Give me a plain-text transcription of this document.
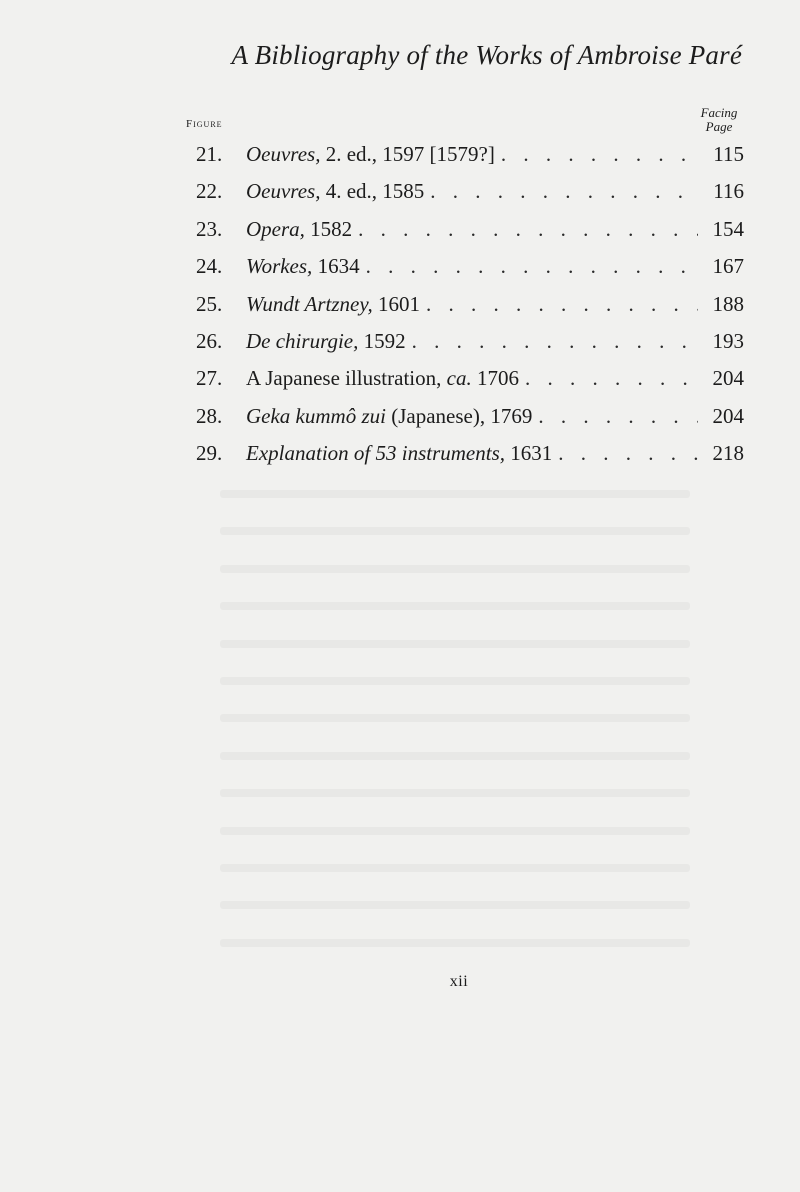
A Bibliography of the Works of Ambroise Paré
Figure
Facing
Page
21.	Oeuvres, 2. ed., 1597 [1579?] . . .	115
22.	Oeuvres, 4. ed., 1585 . . .	116
23.	Opera, 1582 . . .	154
24.	Workes, 1634 . . .	167
25.	Wundt Artzney, 1601 . . .	188
26.	De chirurgie, 1592 . . .	193
27.	A Japanese illustration, ca. 1706 . . .	204
28.	Geka kummô zui (Japanese), 1769 . . .	204
29.	Explanation of 53 instruments, 1631 . . .	218
xii
